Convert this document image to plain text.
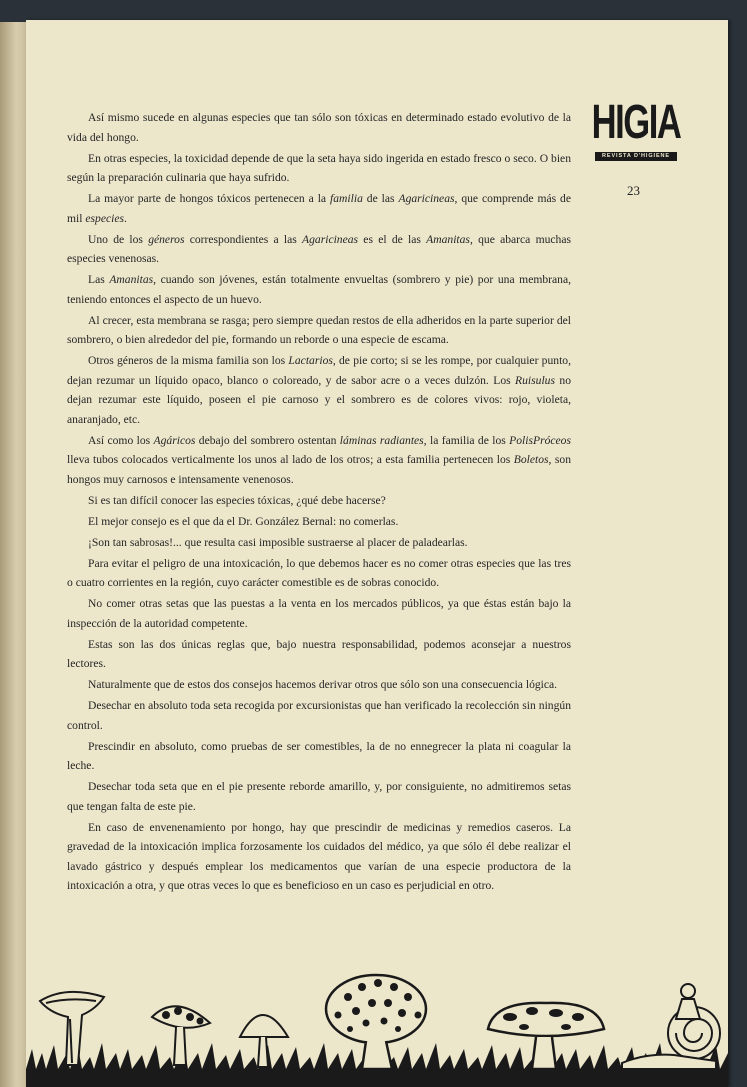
HIGIA
REVISTA D'HIGIENE
23

Así mismo sucede en algunas especies que tan sólo son tóxicas en determinado estado evolutivo de la vida del hongo.

En otras especies, la toxicidad depende de que la seta haya sido ingerida en estado fresco o seco. O bien según la preparación culinaria que haya sufrido.

La mayor parte de hongos tóxicos pertenecen a la familia de las Agaricineas, que comprende más de mil especies.

Uno de los géneros correspondientes a las Agaricineas es el de las Amanitas, que abarca muchas especies venenosas.

Las Amanitas, cuando son jóvenes, están totalmente envueltas (sombrero y pie) por una membrana, teniendo entonces el aspecto de un huevo.

Al crecer, esta membrana se rasga; pero siempre quedan restos de ella adheridos en la parte superior del sombrero, o bien alrededor del pie, formando un reborde o una especie de escama.

Otros géneros de la misma familia son los Lactarios, de pie corto; si se les rompe, por cualquier punto, dejan rezumar un líquido opaco, blanco o coloreado, y de sabor acre o a veces dulzón. Los Ruisulus no dejan rezumar este líquido, poseen el pie carnoso y el sombrero es de colores vivos: rojo, violeta, anaranjado, etc.

Así como los Agáricos debajo del sombrero ostentan láminas radiantes, la familia de los PolisPróceos lleva tubos colocados verticalmente los unos al lado de los otros; a esta familia pertenecen los Boletos, son hongos muy carnosos e intensamente venenosos.

Si es tan difícil conocer las especies tóxicas, ¿qué debe hacerse?

El mejor consejo es el que da el Dr. González Bernal: no comerlas.

¡Son tan sabrosas!... que resulta casi imposible sustraerse al placer de paladearlas.

Para evitar el peligro de una intoxicación, lo que debemos hacer es no comer otras especies que las tres o cuatro corrientes en la región, cuyo carácter comestible es de sobras conocido.

No comer otras setas que las puestas a la venta en los mercados públicos, ya que éstas están bajo la inspección de la autoridad competente.

Estas son las dos únicas reglas que, bajo nuestra responsabilidad, podemos aconsejar a nuestros lectores.

Naturalmente que de estos dos consejos hacemos derivar otros que sólo son una consecuencia lógica.

Desechar en absoluto toda seta recogida por excursionistas que han verificado la recolección sin ningún control.

Prescindir en absoluto, como pruebas de ser comestibles, la de no ennegrecer la plata ni coagular la leche.

Desechar toda seta que en el pie presente reborde amarillo, y, por consiguiente, no admitiremos setas que tengan falta de este pie.

En caso de envenenamiento por hongo, hay que prescindir de medicinas y remedios caseros. La gravedad de la intoxicación implica forzosamente los cuidados del médico, ya que sólo él debe realizar el lavado gástrico y después emplear los medicamentos que varían de una especie productora de la intoxicación a otra, y que otras veces lo que es beneficioso en un caso es perjudicial en otro.
